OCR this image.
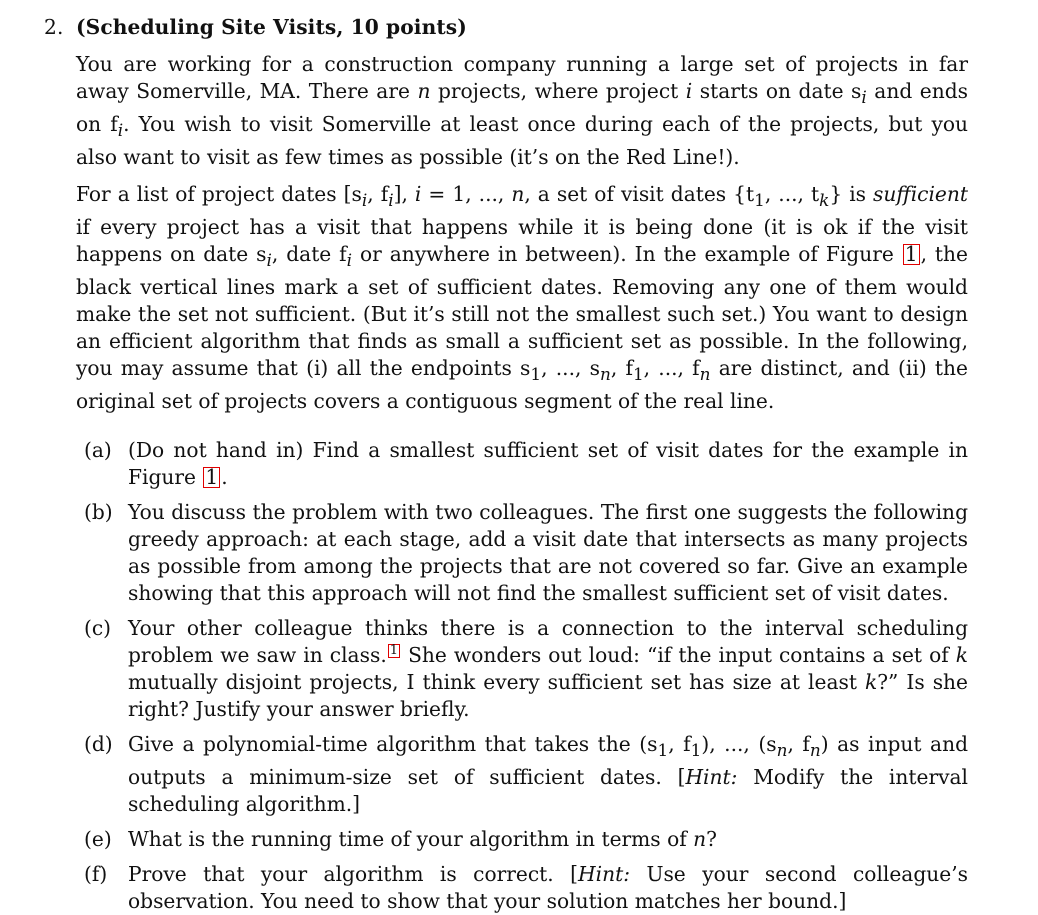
2. (Scheduling Site Visits, 10 points)
You are working for a construction company running a large set of projects in far away Somerville, MA. There are n projects, where project i starts on date $s_i$ and ends on $f_i$. You wish to visit Somerville at least once during each of the projects, but you also want to visit as few times as possible (it’s on the Red Line!).
For a list of project dates [$s_i$, $f_i$], i = 1, ..., n, a set of visit dates {$t_1$, ..., $t_k$} is sufficient if every project has a visit that happens while it is being done (it is ok if the visit happens on date $s_i$, date $f_i$ or anywhere in between). In the example of Figure 1 , the black vertical lines mark a set of sufficient dates. Removing any one of them would make the set not sufficient. (But it’s still not the smallest such set.) You want to design an efficient algorithm that finds as small a sufficient set as possible. In the following, you may assume that (i) all the endpoints $s_1$, ..., $s_n$, $f_1$, ..., $f_n$ are distinct, and (ii) the original set of projects covers a contiguous segment of the real line.
(a) (Do not hand in) Find a smallest sufficient set of visit dates for the example in Figure 1 .
(b) You discuss the problem with two colleagues. The first one suggests the following greedy approach: at each stage, add a visit date that intersects as many projects as possible from among the projects that are not covered so far. Give an example showing that this approach will not find the smallest sufficient set of visit dates.
(c) Your other colleague thinks there is a connection to the interval scheduling problem we saw in class. $^1$ She wonders out loud: “if the input contains a set of k mutually disjoint projects, I think every sufficient set has size at least k?” Is she right? Justify your answer briefly.
(d) Give a polynomial-time algorithm that takes the ($s_1$, $f_1$), ..., ($s_n$, $f_n$) as input and outputs a minimum-size set of sufficient dates. [Hint: Modify the interval scheduling algorithm.]
(e) What is the running time of your algorithm in terms of n?
(f)	Prove that your algorithm is correct. [Hint: Use your second colleague’s observation. You need to show that your solution matches her bound.]
